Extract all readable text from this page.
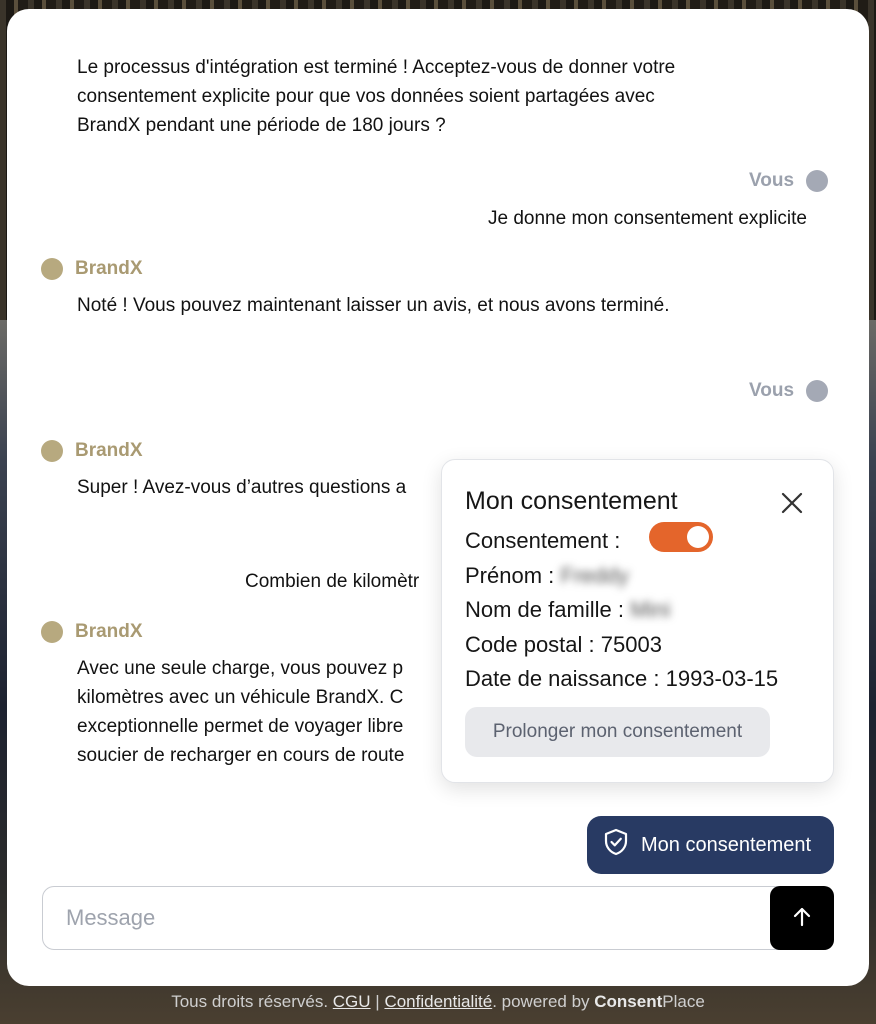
Le processus d'intégration est terminé ! Acceptez-vous de donner votre consentement explicite pour que vos données soient partagées avec BrandX pendant une période de 180 jours ?
Vous
Je donne mon consentement explicite
BrandX
Noté ! Vous pouvez maintenant laisser un avis, et nous avons terminé.
Vous
BrandX
Super ! Avez-vous d’autres questions a
Combien de kilomètr
BrandX
Avec une seule charge, vous pouvez p kilomètres avec un véhicule BrandX. C exceptionnelle permet de voyager libre soucier de recharger en cours de route
Mon consentement
Consentement :
Prénom : Freddy
Nom de famille : Mini
Code postal : 75003
Date de naissance : 1993-03-15
Prolonger mon consentement
Mon consentement
Message
Tous droits réservés. CGU | Confidentialité. powered by ConsentPlace
